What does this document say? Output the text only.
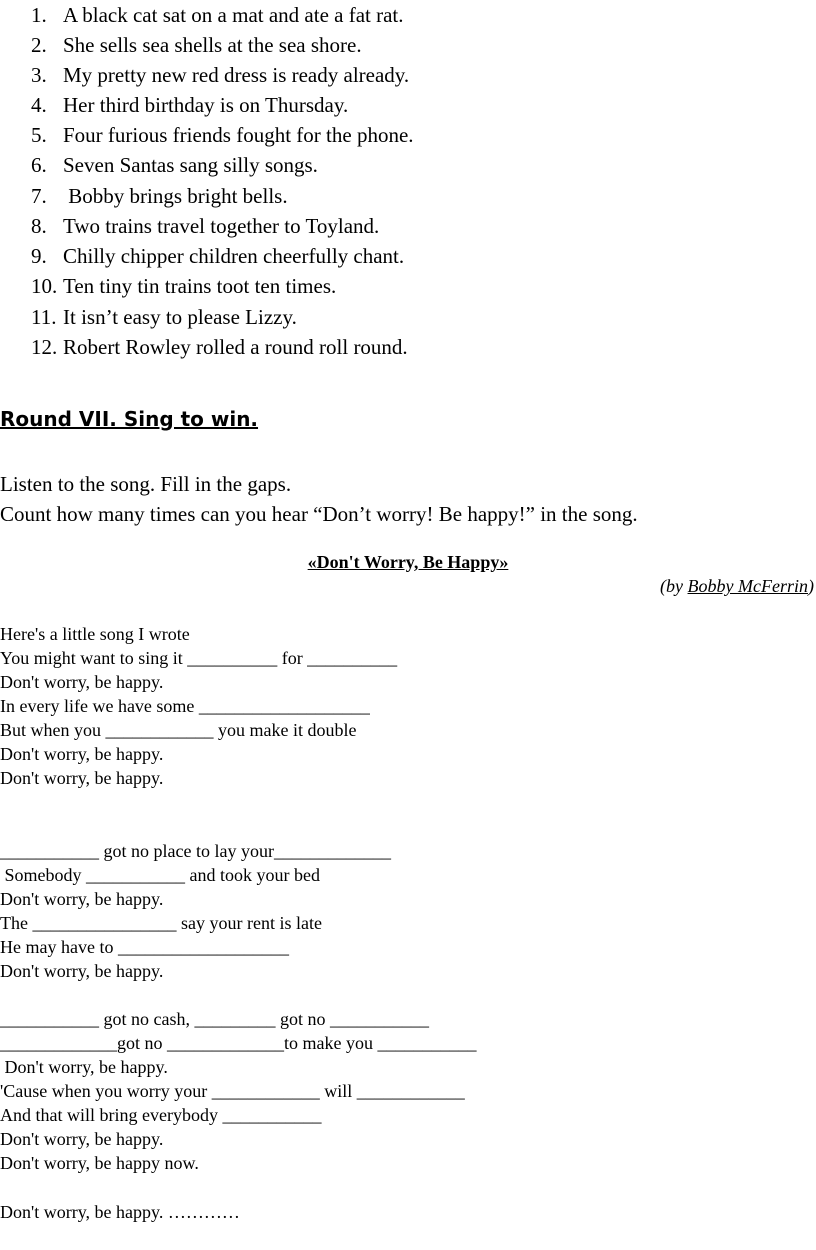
1. A black cat sat on a mat and ate a fat rat.
2. She sells sea shells at the sea shore.
3. My pretty new red dress is ready already.
4. Her third birthday is on Thursday.
5. Four furious friends fought for the phone.
6. Seven Santas sang silly songs.
7. Bobby brings bright bells.
8. Two trains travel together to Toyland.
9. Chilly chipper children cheerfully chant.
10. Ten tiny tin trains toot ten times.
11. It isn’t easy to please Lizzy.
12. Robert Rowley rolled a round roll round.
Round VII. Sing to win.
Listen to the song. Fill in the gaps.
Count how many times can you hear “Don’t worry! Be happy!” in the song.
«Don't Worry, Be Happy»
(by Bobby McFerrin)
Here's a little song I wrote
You might want to sing it __________ for __________
Don't worry, be happy.
In every life we have some ___________________
But when you ____________ you make it double
Don't worry, be happy.
Don't worry, be happy.
___________ got no place to lay your_____________
Somebody ___________ and took your bed
Don't worry, be happy.
The ________________ say your rent is late
He may have to ___________________
Don't worry, be happy.
___________ got no cash, _________ got no ___________
_____________got no _____________to make you ___________
Don't worry, be happy.
'Cause when you worry your ____________ will ____________
And that will bring everybody ___________
Don't worry, be happy.
Don't worry, be happy now.
Don't worry, be happy. …………
